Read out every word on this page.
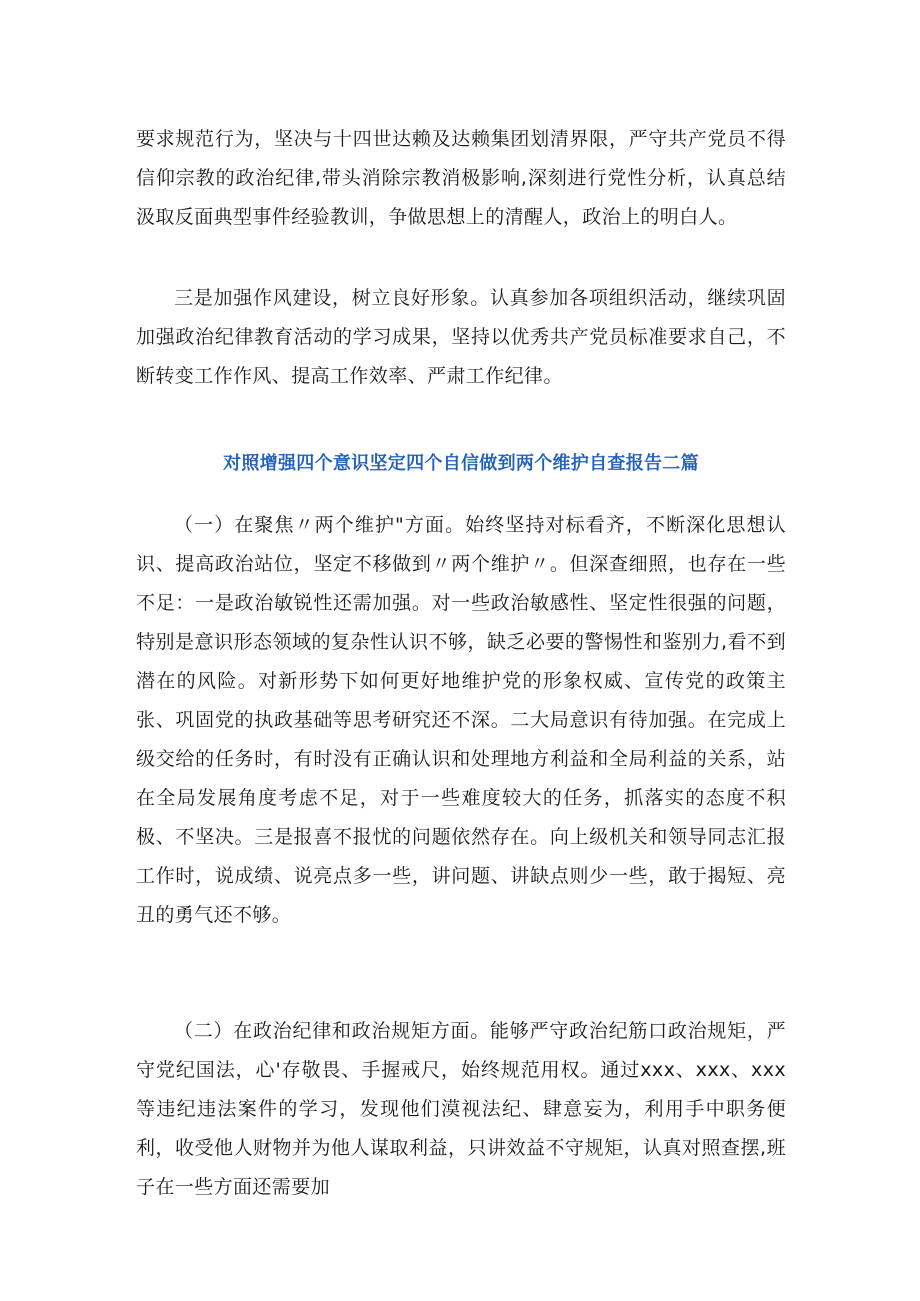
要求规范行为，坚决与十四世达赖及达赖集团划清界限，严守共产党员不得信仰宗教的政治纪律,带头消除宗教消极影响,深刻进行党性分析，认真总结汲取反面典型事件经验教训，争做思想上的清醒人，政治上的明白人。

三是加强作风建设，树立良好形象。认真参加各项组织活动，继续巩固加强政治纪律教育活动的学习成果，坚持以优秀共产党员标准要求自己，不断转变工作作风、提高工作效率、严肃工作纪律。

对照增强四个意识坚定四个自信做到两个维护自查报告二篇

（一）在聚焦〃两个维护"方面。始终坚持对标看齐，不断深化思想认识、提高政治站位，坚定不移做到〃两个维护〃。但深查细照，也存在一些不足：一是政治敏锐性还需加强。对一些政治敏感性、坚定性很强的问题，特别是意识形态领域的复杂性认识不够，缺乏必要的警惕性和鉴别力,看不到潜在的风险。对新形势下如何更好地维护党的形象权威、宣传党的政策主张、巩固党的执政基础等思考研究还不深。二大局意识有待加强。在完成上级交给的任务时，有时没有正确认识和处理地方利益和全局利益的关系，站在全局发展角度考虑不足，对于一些难度较大的任务，抓落实的态度不积极、不坚决。三是报喜不报忧的问题依然存在。向上级机关和领导同志汇报工作时，说成绩、说亮点多一些，讲问题、讲缺点则少一些，敢于揭短、亮丑的勇气还不够。

（二）在政治纪律和政治规矩方面。能够严守政治纪筋口政治规矩，严守党纪国法，心'存敬畏、手握戒尺，始终规范用权。通过xxx、xxx、xxx等违纪违法案件的学习，发现他们漠视法纪、肆意妄为，利用手中职务便利，收受他人财物并为他人谋取利益，只讲效益不守规矩，认真对照查摆,班子在一些方面还需要加
